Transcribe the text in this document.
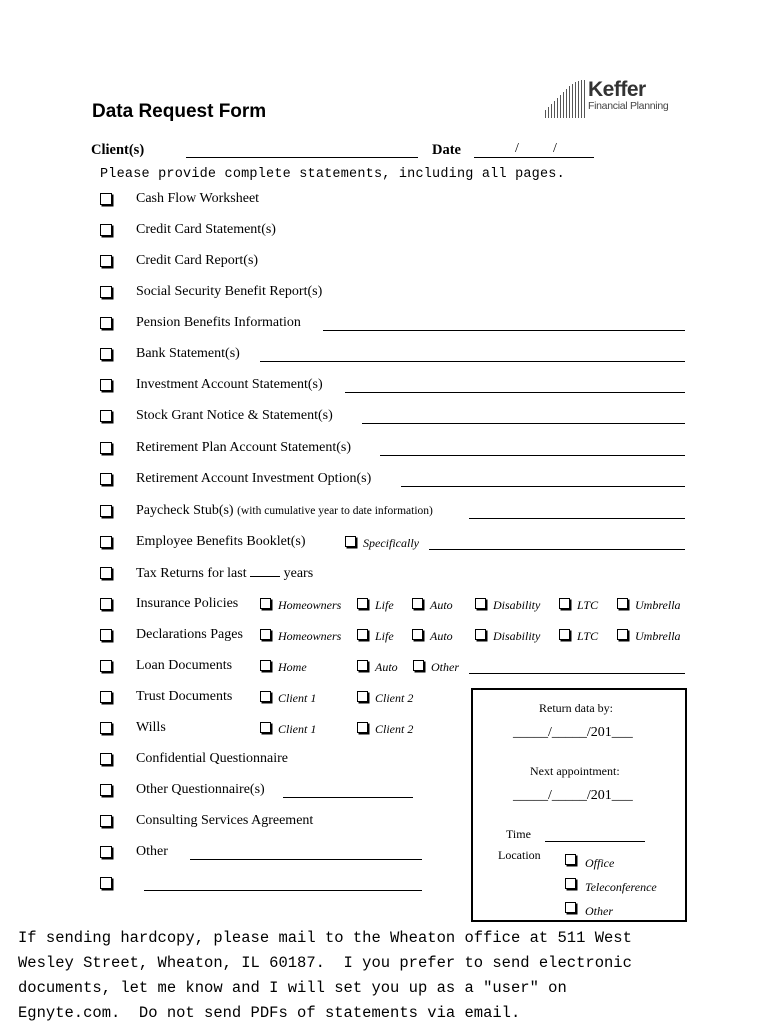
Data Request Form
Keffer
Financial Planning
Client(s)	Date	/ /
Please provide complete statements, including all pages.
Cash Flow Worksheet
Credit Card Statement(s)
Credit Card Report(s)
Social Security Benefit Report(s)
Pension Benefits Information
Bank Statement(s)
Investment Account Statement(s)
Stock Grant Notice & Statement(s)
Retirement Plan Account Statement(s)
Retirement Account Investment Option(s)
Paycheck Stub(s) (with cumulative year to date information)
Employee Benefits Booklet(s)	Specifically
Tax Returns for last	years
Insurance Policies	Homeowners	Life	Auto	Disability	LTC	Umbrella
Declarations Pages	Homeowners	Life	Auto	Disability	LTC	Umbrella
Loan Documents	Home	Auto	Other
Trust Documents	Client 1	Client 2
Wills	Client 1	Client 2
Confidential Questionnaire
Other Questionnaire(s)
Consulting Services Agreement
Other
Return data by:
_____/_____/201___
Next appointment:
_____/_____/201___
Time
Location
Office
Teleconference
Other
If sending hardcopy, please mail to the Wheaton office at 511 West
Wesley Street, Wheaton, IL 60187.  I you prefer to send electronic
documents, let me know and I will set you up as a "user" on
Egnyte.com.  Do not send PDFs of statements via email.
